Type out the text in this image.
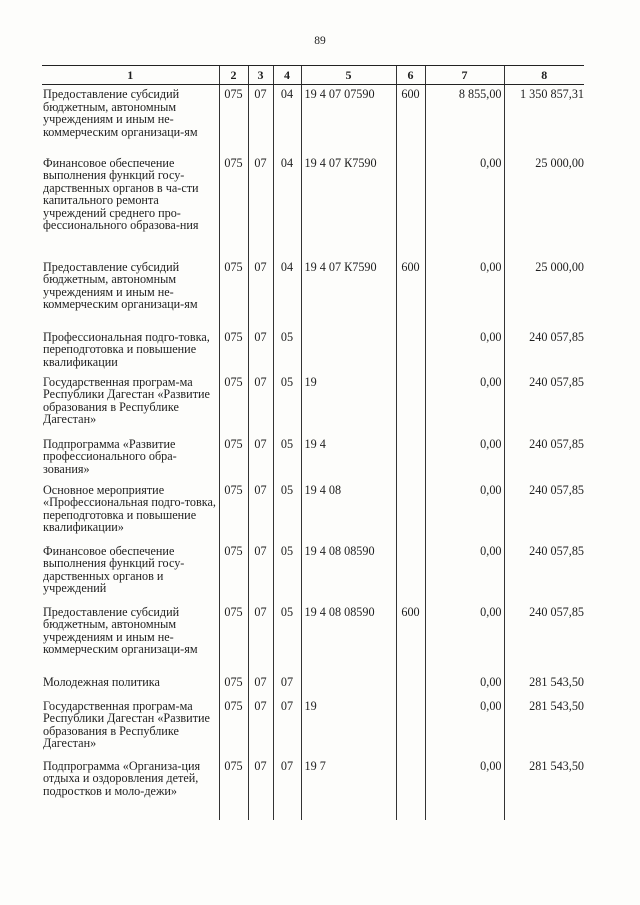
89
1	2	3	4	5	6	7	8
Предоставление субсидий бюджетным, автономным учреждениям и иным не-коммерческим организаци-ям	075	07	04	19 4 07 07590	600	8 855,00	1 350 857,31
Финансовое обеспечение выполнения функций госу-дарственных органов в ча-сти капитального ремонта учреждений среднего про-фессионального образова-ния	075	07	04	19 4 07 К7590		0,00	25 000,00
Предоставление субсидий бюджетным, автономным учреждениям и иным не-коммерческим организаци-ям	075	07	04	19 4 07 К7590	600	0,00	25 000,00
Профессиональная подго-товка, переподготовка и повышение квалификации	075	07	05			0,00	240 057,85
Государственная програм-ма Республики Дагестан «Развитие образования в Республике Дагестан»	075	07	05	19		0,00	240 057,85
Подпрограмма «Развитие профессионального обра-зования»	075	07	05	19 4		0,00	240 057,85
Основное мероприятие «Профессиональная подго-товка, переподготовка и повышение квалификации»	075	07	05	19 4 08		0,00	240 057,85
Финансовое обеспечение выполнения функций госу-дарственных органов и учреждений	075	07	05	19 4 08 08590		0,00	240 057,85
Предоставление субсидий бюджетным, автономным учреждениям и иным не-коммерческим организаци-ям	075	07	05	19 4 08 08590	600	0,00	240 057,85
Молодежная политика	075	07	07			0,00	281 543,50
Государственная програм-ма Республики Дагестан «Развитие образования в Республике Дагестан»	075	07	07	19		0,00	281 543,50
Подпрограмма «Организа-ция отдыха и оздоровления детей, подростков и моло-дежи»	075	07	07	19 7		0,00	281 543,50
